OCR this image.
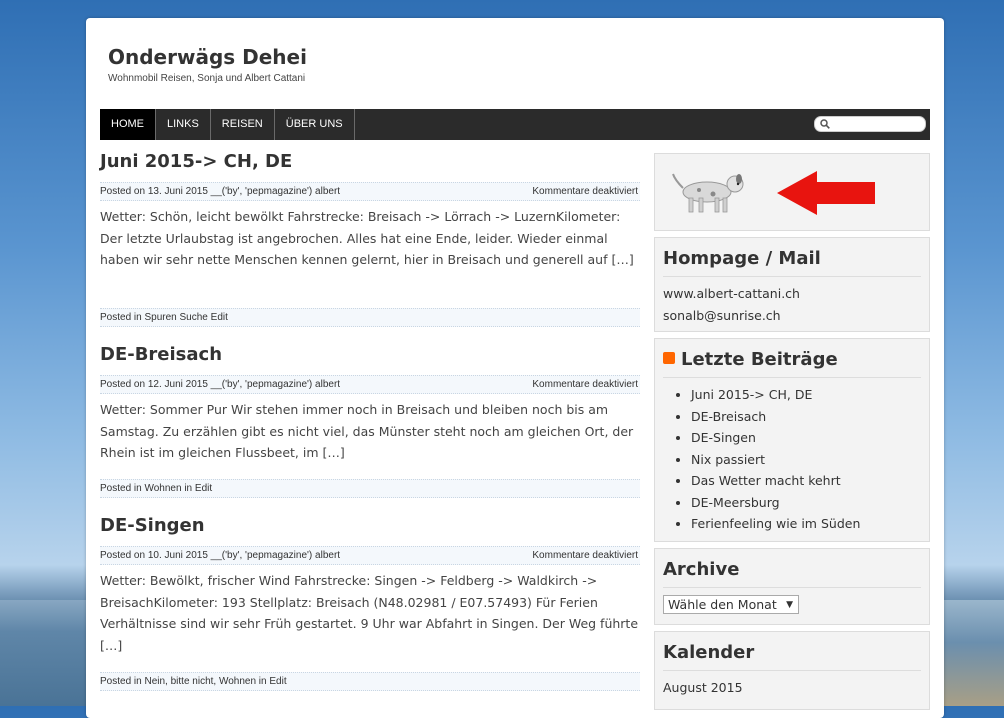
Onderwägs Dehei
Wohnmobil Reisen, Sonja und Albert Cattani
HOME	LINKS	REISEN	ÜBER UNS
Juni 2015-> CH, DE
Posted on 13. Juni 2015 __('by', 'pepmagazine') albert	Kommentare deaktiviert
Wetter: Schön, leicht bewölkt Fahrstrecke: Breisach -> Lörrach -> LuzernKilometer: Der letzte Urlaubstag ist angebrochen. Alles hat eine Ende, leider. Wieder einmal haben wir sehr nette Menschen kennen gelernt, hier in Breisach und generell auf […]
Posted in Spuren Suche Edit
DE-Breisach
Posted on 12. Juni 2015 __('by', 'pepmagazine') albert	Kommentare deaktiviert
Wetter: Sommer Pur Wir stehen immer noch in Breisach und bleiben noch bis am Samstag. Zu erzählen gibt es nicht viel, das Münster steht noch am gleichen Ort, der Rhein ist im gleichen Flussbeet, im […]
Posted in Wohnen in Edit
DE-Singen
Posted on 10. Juni 2015 __('by', 'pepmagazine') albert	Kommentare deaktiviert
Wetter: Bewölkt, frischer Wind Fahrstrecke: Singen -> Feldberg -> Waldkirch -> BreisachKilometer: 193 Stellplatz: Breisach (N48.02981 / E07.57493) Für Ferien Verhältnisse sind wir sehr Früh gestartet. 9 Uhr war Abfahrt in Singen. Der Weg führte […]
Posted in Nein, bitte nicht, Wohnen in Edit
Hompage / Mail
www.albert-cattani.ch
sonalb@sunrise.ch
Letzte Beiträge
• Juni 2015-> CH, DE
• DE-Breisach
• DE-Singen
• Nix passiert
• Das Wetter macht kehrt
• DE-Meersburg
• Ferienfeeling wie im Süden
Archive
Wähle den Monat ▼
Kalender
August 2015
